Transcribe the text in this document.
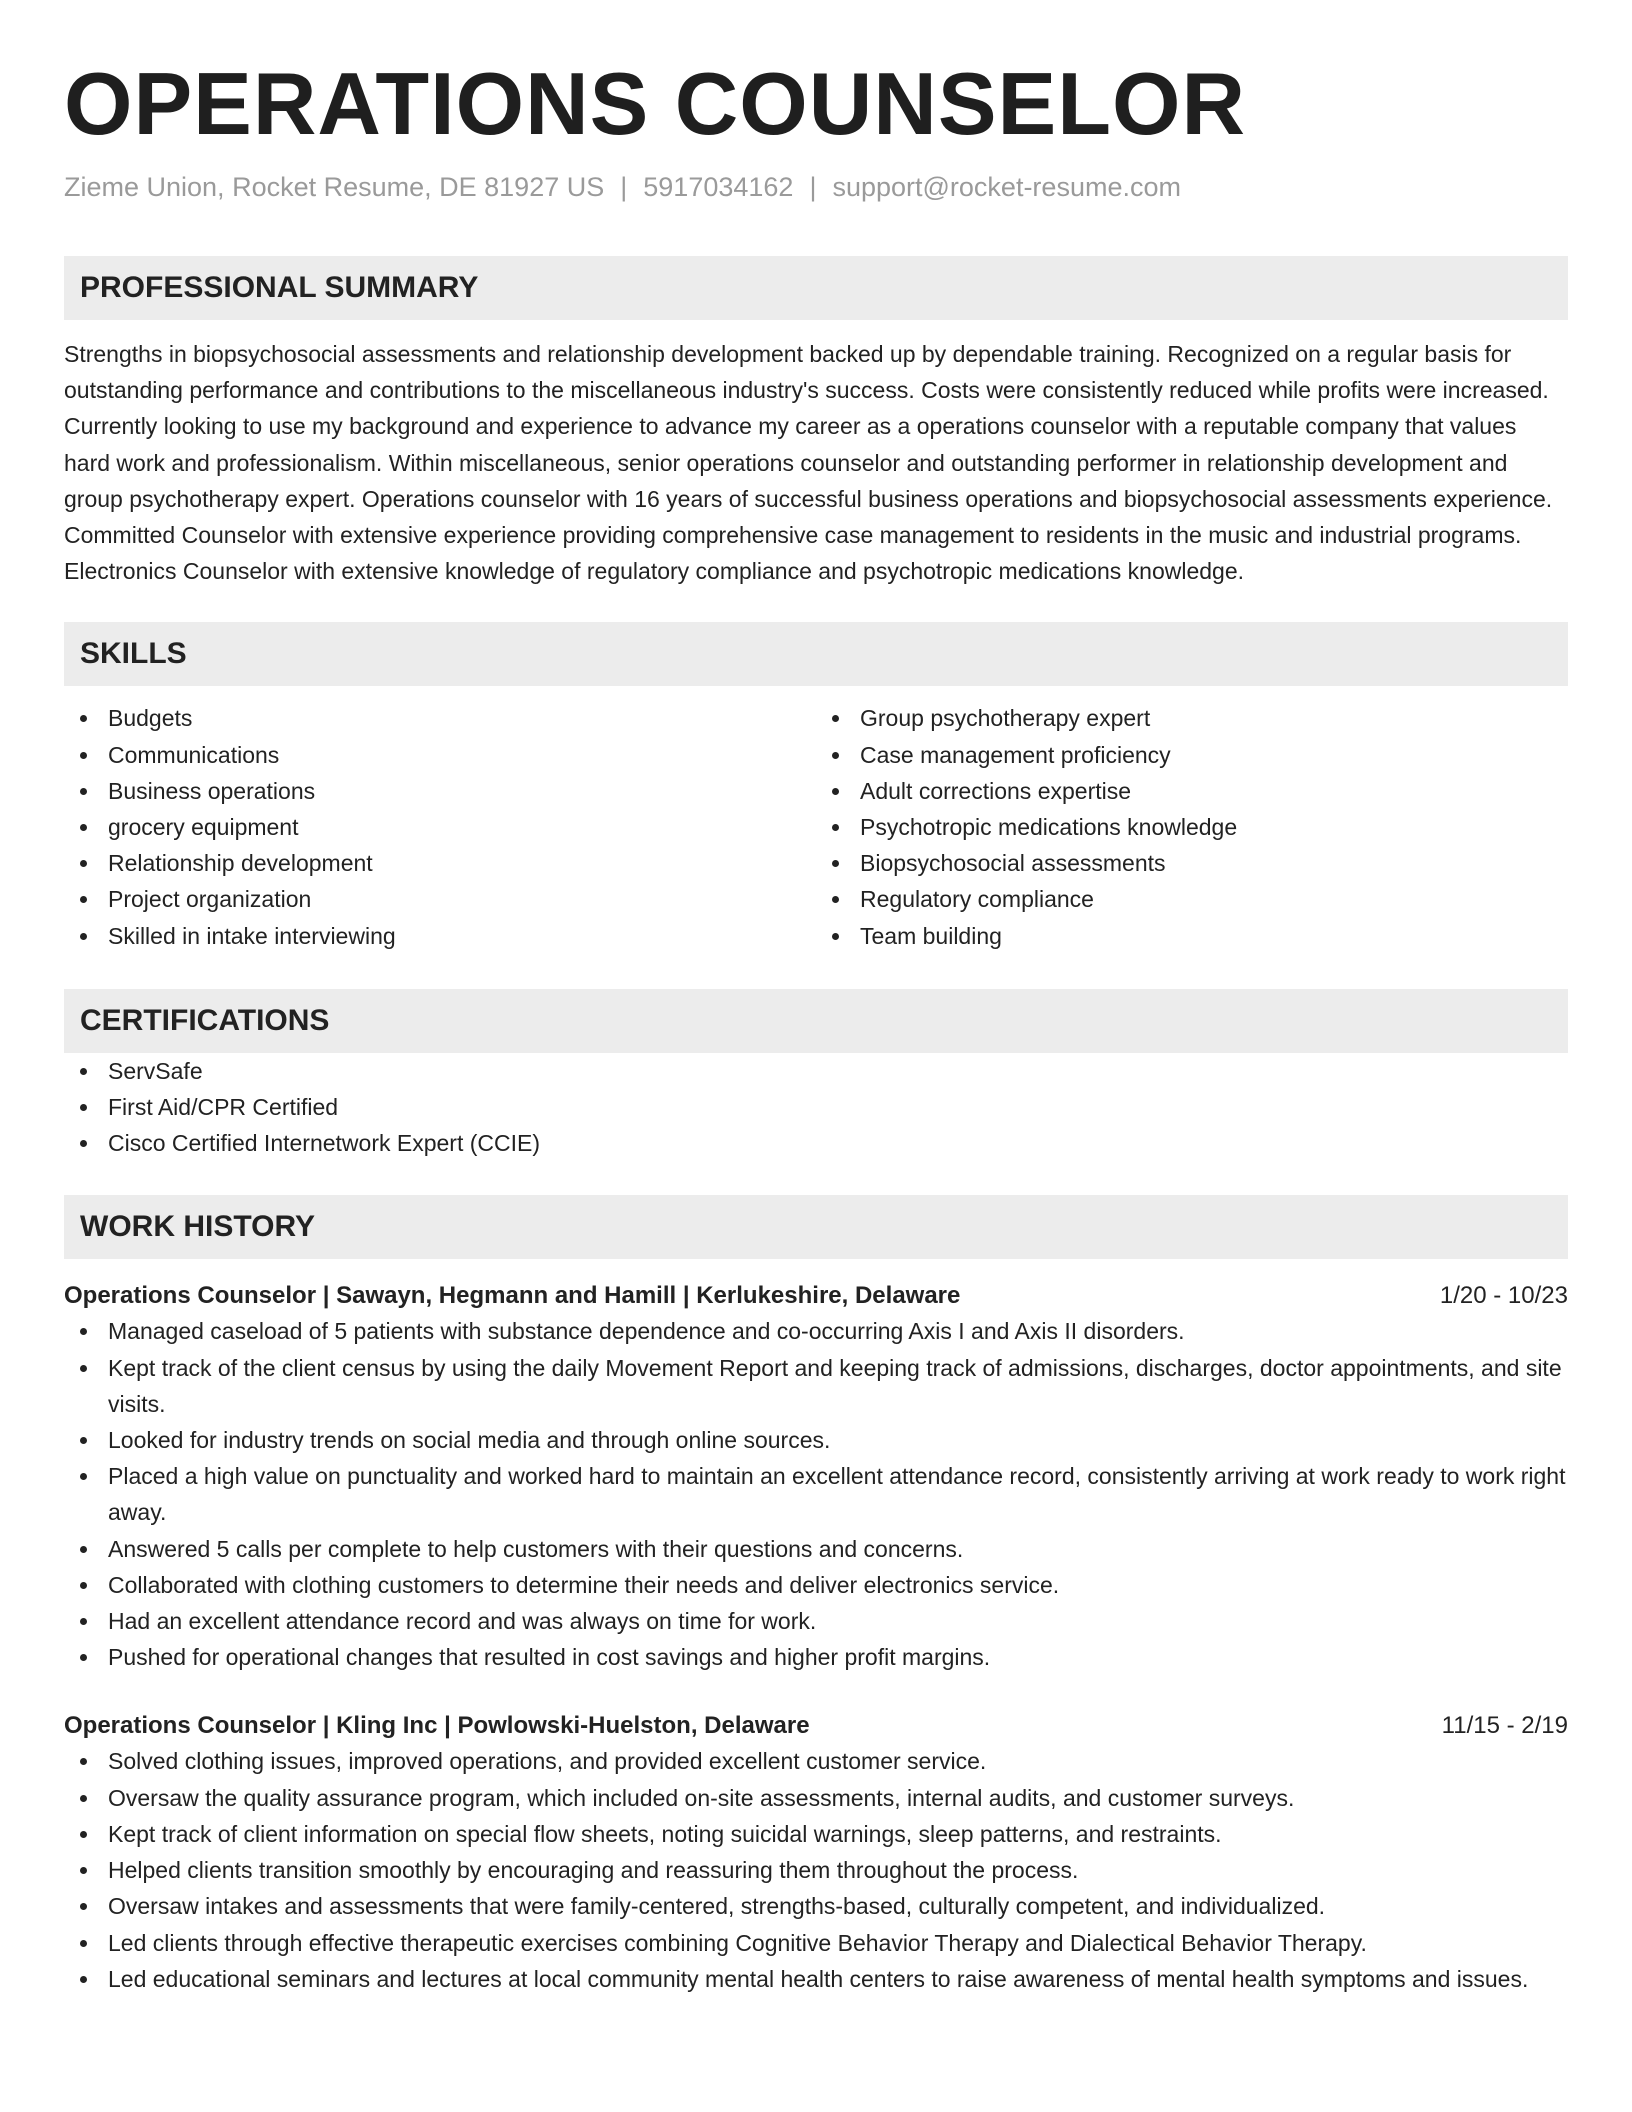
OPERATIONS COUNSELOR
Zieme Union, Rocket Resume, DE 81927 US | 5917034162 | support@rocket-resume.com
PROFESSIONAL SUMMARY
Strengths in biopsychosocial assessments and relationship development backed up by dependable training. Recognized on a regular basis for outstanding performance and contributions to the miscellaneous industry's success. Costs were consistently reduced while profits were increased. Currently looking to use my background and experience to advance my career as a operations counselor with a reputable company that values hard work and professionalism. Within miscellaneous, senior operations counselor and outstanding performer in relationship development and group psychotherapy expert. Operations counselor with 16 years of successful business operations and biopsychosocial assessments experience. Committed Counselor with extensive experience providing comprehensive case management to residents in the music and industrial programs. Electronics Counselor with extensive knowledge of regulatory compliance and psychotropic medications knowledge.
SKILLS
Budgets
Communications
Business operations
grocery equipment
Relationship development
Project organization
Skilled in intake interviewing
Group psychotherapy expert
Case management proficiency
Adult corrections expertise
Psychotropic medications knowledge
Biopsychosocial assessments
Regulatory compliance
Team building
CERTIFICATIONS
ServSafe
First Aid/CPR Certified
Cisco Certified Internetwork Expert (CCIE)
WORK HISTORY
Operations Counselor | Sawayn, Hegmann and Hamill | Kerlukeshire, Delaware	1/20 - 10/23
Managed caseload of 5 patients with substance dependence and co-occurring Axis I and Axis II disorders.
Kept track of the client census by using the daily Movement Report and keeping track of admissions, discharges, doctor appointments, and site visits.
Looked for industry trends on social media and through online sources.
Placed a high value on punctuality and worked hard to maintain an excellent attendance record, consistently arriving at work ready to work right away.
Answered 5 calls per complete to help customers with their questions and concerns.
Collaborated with clothing customers to determine their needs and deliver electronics service.
Had an excellent attendance record and was always on time for work.
Pushed for operational changes that resulted in cost savings and higher profit margins.
Operations Counselor | Kling Inc | Powlowski-Huelston, Delaware	11/15 - 2/19
Solved clothing issues, improved operations, and provided excellent customer service.
Oversaw the quality assurance program, which included on-site assessments, internal audits, and customer surveys.
Kept track of client information on special flow sheets, noting suicidal warnings, sleep patterns, and restraints.
Helped clients transition smoothly by encouraging and reassuring them throughout the process.
Oversaw intakes and assessments that were family-centered, strengths-based, culturally competent, and individualized.
Led clients through effective therapeutic exercises combining Cognitive Behavior Therapy and Dialectical Behavior Therapy.
Led educational seminars and lectures at local community mental health centers to raise awareness of mental health symptoms and issues.
